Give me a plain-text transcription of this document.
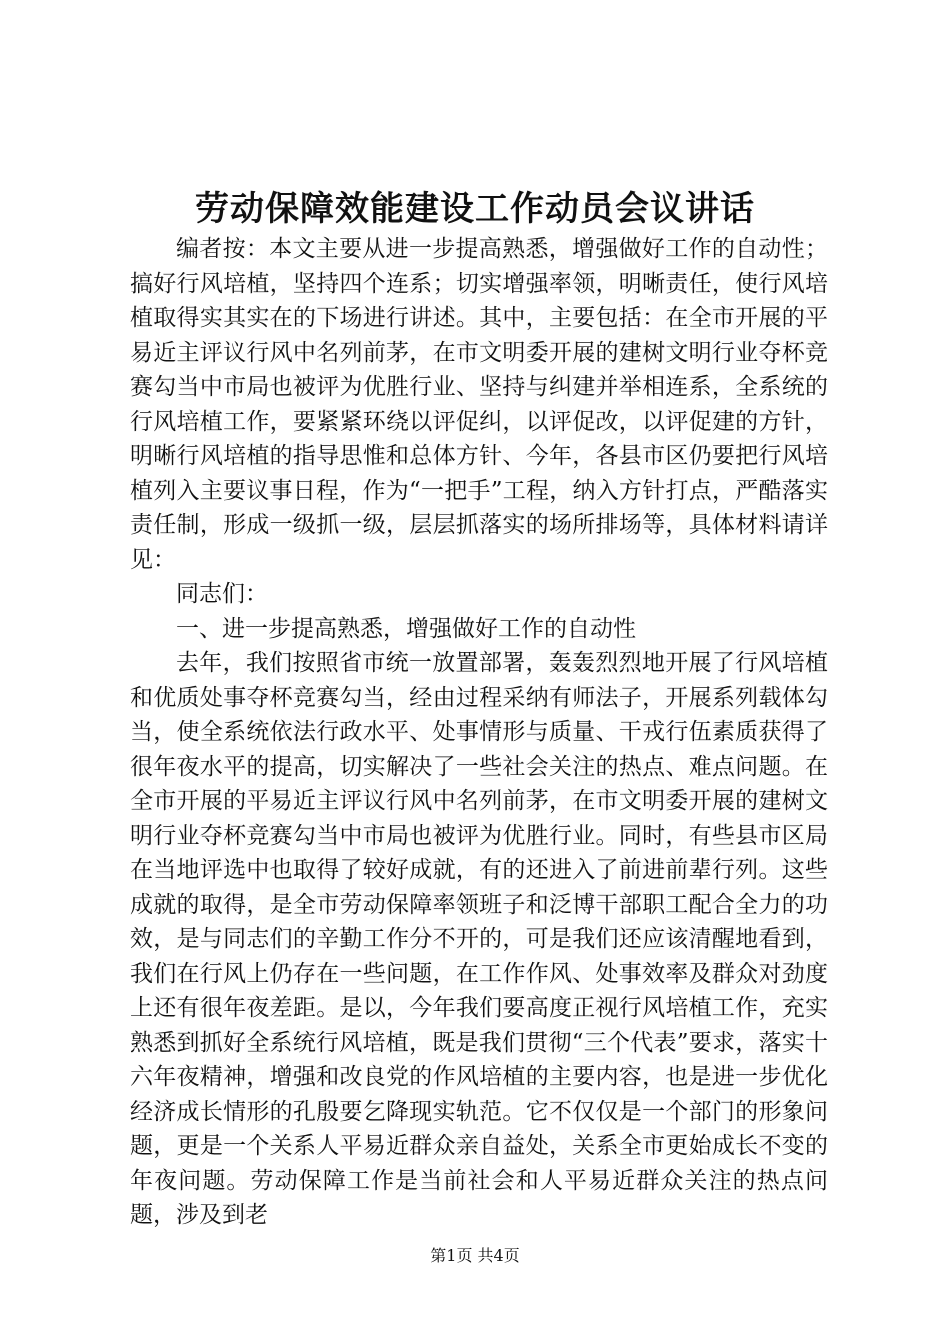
劳动保障效能建设工作动员会议讲话

编者按：本文主要从进一步提高熟悉，增强做好工作的自动性；搞好行风培植，坚持四个连系；切实增强率领，明晰责任，使行风培植取得实其实在的下场进行讲述。其中，主要包括：在全市开展的平易近主评议行风中名列前茅，在市文明委开展的建树文明行业夺杯竞赛勾当中市局也被评为优胜行业、坚持与纠建并举相连系，全系统的行风培植工作，要紧紧环绕以评促纠，以评促改，以评促建的方针，明晰行风培植的指导思惟和总体方针、今年，各县市区仍要把行风培植列入主要议事日程，作为“一把手”工程，纳入方针打点，严酷落实责任制，形成一级抓一级，层层抓落实的场所排场等，具体材料请详见：

同志们：

一、进一步提高熟悉，增强做好工作的自动性

去年，我们按照省市统一放置部署，轰轰烈烈地开展了行风培植和优质处事夺杯竞赛勾当，经由过程采纳有师法子，开展系列载体勾当，使全系统依法行政水平、处事情形与质量、干戎行伍素质获得了很年夜水平的提高，切实解决了一些社会关注的热点、难点问题。在全市开展的平易近主评议行风中名列前茅，在市文明委开展的建树文明行业夺杯竞赛勾当中市局也被评为优胜行业。同时，有些县市区局在当地评选中也取得了较好成就，有的还进入了前进前辈行列。这些成就的取得，是全市劳动保障率领班子和泛博干部职工配合全力的功效，是与同志们的辛勤工作分不开的，可是我们还应该清醒地看到，我们在行风上仍存在一些问题，在工作作风、处事效率及群众对劲度上还有很年夜差距。是以，今年我们要高度正视行风培植工作，充实熟悉到抓好全系统行风培植，既是我们贯彻“三个代表”要求，落实十六年夜精神，增强和改良党的作风培植的主要内容，也是进一步优化经济成长情形的孔殷要乞降现实轨范。它不仅仅是一个部门的形象问题，更是一个关系人平易近群众亲自益处，关系全市更始成长不变的年夜问题。劳动保障工作是当前社会和人平易近群众关注的热点问题，涉及到老

第1页 共4页
